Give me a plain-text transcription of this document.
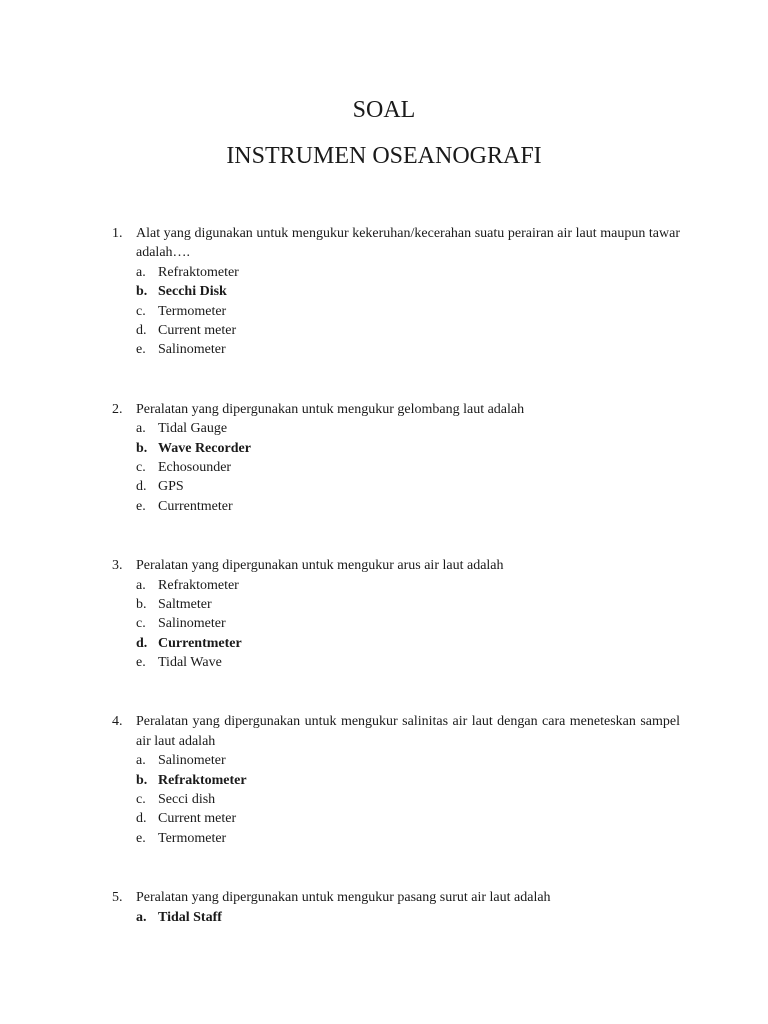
SOAL
INSTRUMEN OSEANOGRAFI
1. Alat yang digunakan untuk mengukur kekeruhan/kecerahan suatu perairan air laut maupun tawar adalah….
a. Refraktometer
b. Secchi Disk
c. Termometer
d. Current meter
e. Salinometer
2. Peralatan yang dipergunakan untuk mengukur gelombang laut adalah
a. Tidal Gauge
b. Wave Recorder
c. Echosounder
d. GPS
e. Currentmeter
3. Peralatan yang dipergunakan untuk mengukur arus air laut adalah
a. Refraktometer
b. Saltmeter
c. Salinometer
d. Currentmeter
e. Tidal Wave
4. Peralatan yang dipergunakan untuk mengukur salinitas air laut dengan cara meneteskan sampel air laut adalah
a. Salinometer
b. Refraktometer
c. Secci dish
d. Current meter
e. Termometer
5. Peralatan yang dipergunakan untuk mengukur pasang surut air laut adalah
a. Tidal Staff
